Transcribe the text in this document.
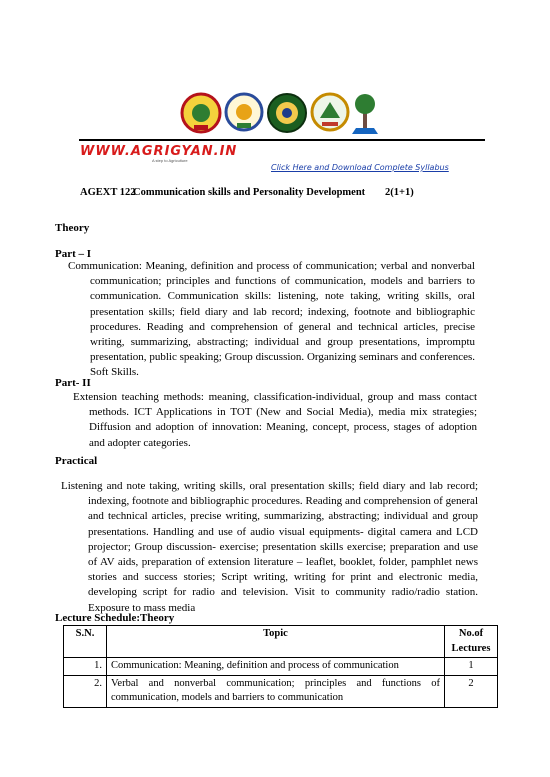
WWW.AGRIGYAN.IN
A step to Agriculture
Click Here and Download Complete Syllabus
AGEXT 122
Communication skills and Personality Development 2(1+1)
Theory
Part – I
Communication: Meaning, definition and process of communication; verbal and nonverbal communication; principles and functions of communication, models and barriers to communication. Communication skills: listening, note taking, writing skills, oral presentation skills; field diary and lab record; indexing, footnote and bibliographic procedures. Reading and comprehension of general and technical articles, precise writing, summarizing, abstracting; individual and group presentations, impromptu presentation, public speaking; Group discussion. Organizing seminars and conferences. Soft Skills.
Part- II
Extension teaching methods: meaning, classification-individual, group and mass contact methods. ICT Applications in TOT (New and Social Media), media mix strategies; Diffusion and adoption of innovation: Meaning, concept, process, stages of adoption and adopter categories.
Practical
Listening and note taking, writing skills, oral presentation skills; field diary and lab record; indexing, footnote and bibliographic procedures. Reading and comprehension of general and technical articles, precise writing, summarizing, abstracting; individual and group presentations. Handling and use of audio visual equipments- digital camera and LCD projector; Group discussion- exercise; presentation skills exercise; preparation and use of AV aids, preparation of extension literature – leaflet, booklet, folder, pamphlet news stories and success stories; Script writing, writing for print and electronic media, developing script for radio and television. Visit to community radio/radio station. Exposure to mass media
Lecture Schedule:Theory
S.N.	Topic	No.of Lectures
1.	Communication: Meaning, definition and process of communication	1
2.	Verbal and nonverbal communication; principles and functions of communication, models and barriers to communication	2
